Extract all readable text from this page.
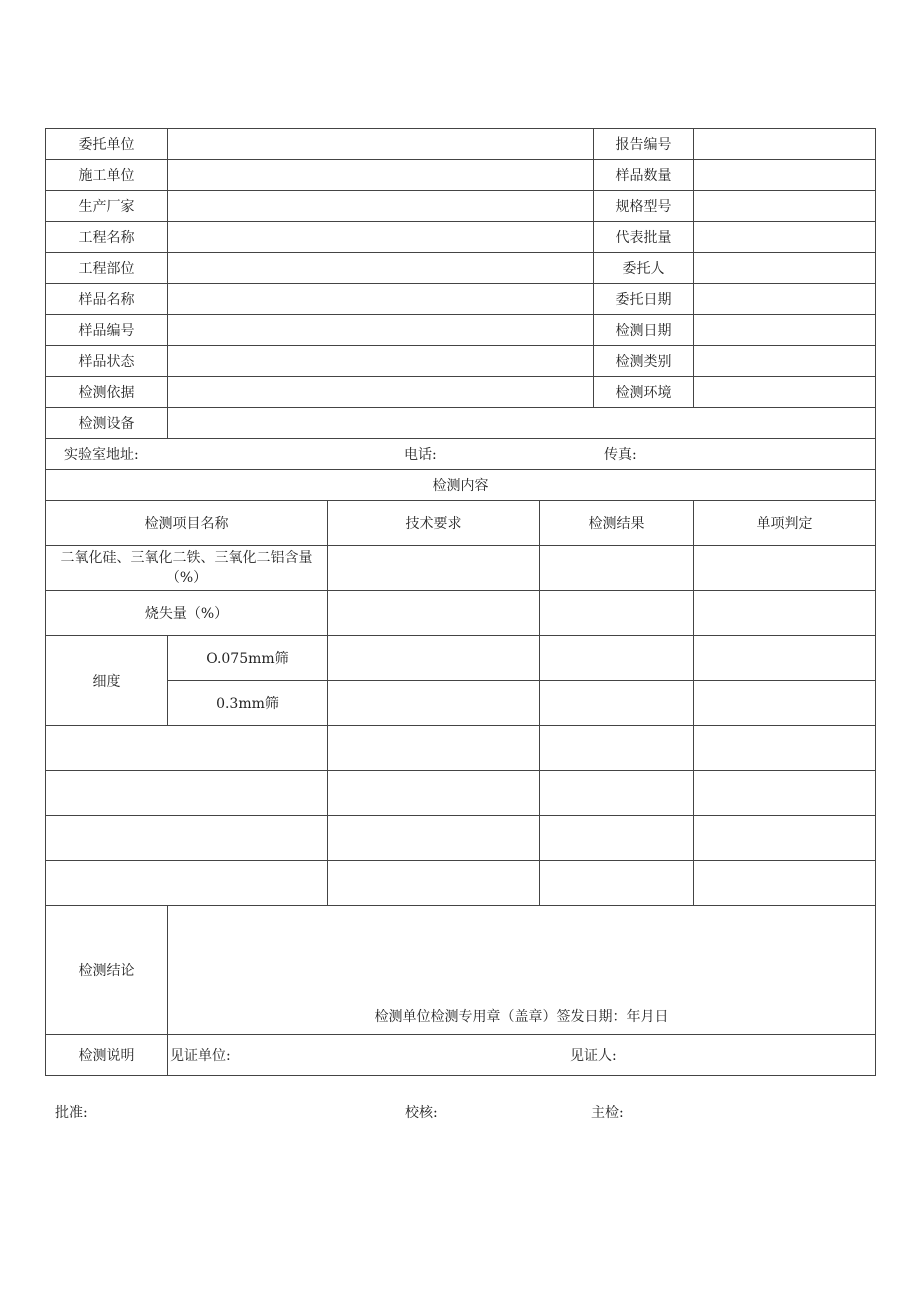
委托单位				报告编号	
施工单位				样品数量	
生产厂家				规格型号	
工程名称				代表批量	
工程部位				委托人	
样品名称				委托日期	
样品编号				检测日期	
样品状态				检测类别	
检测依据				检测环境	
检测设备					
实验室地址: 电话: 传真:					
检测内容					
检测项目名称		技术要求	检测结果		单项判定
二氧化硅、三氧化二铁、三氧化二铝含量（%）					
烧失量（%）					
细度	O.075mm筛				
	0.3mm筛				

检测结论	检测单位检测专用章（盖章）签发日期：年月日				

检测说明	见证单位: 见证人:				
批准:	校核:	主检:
